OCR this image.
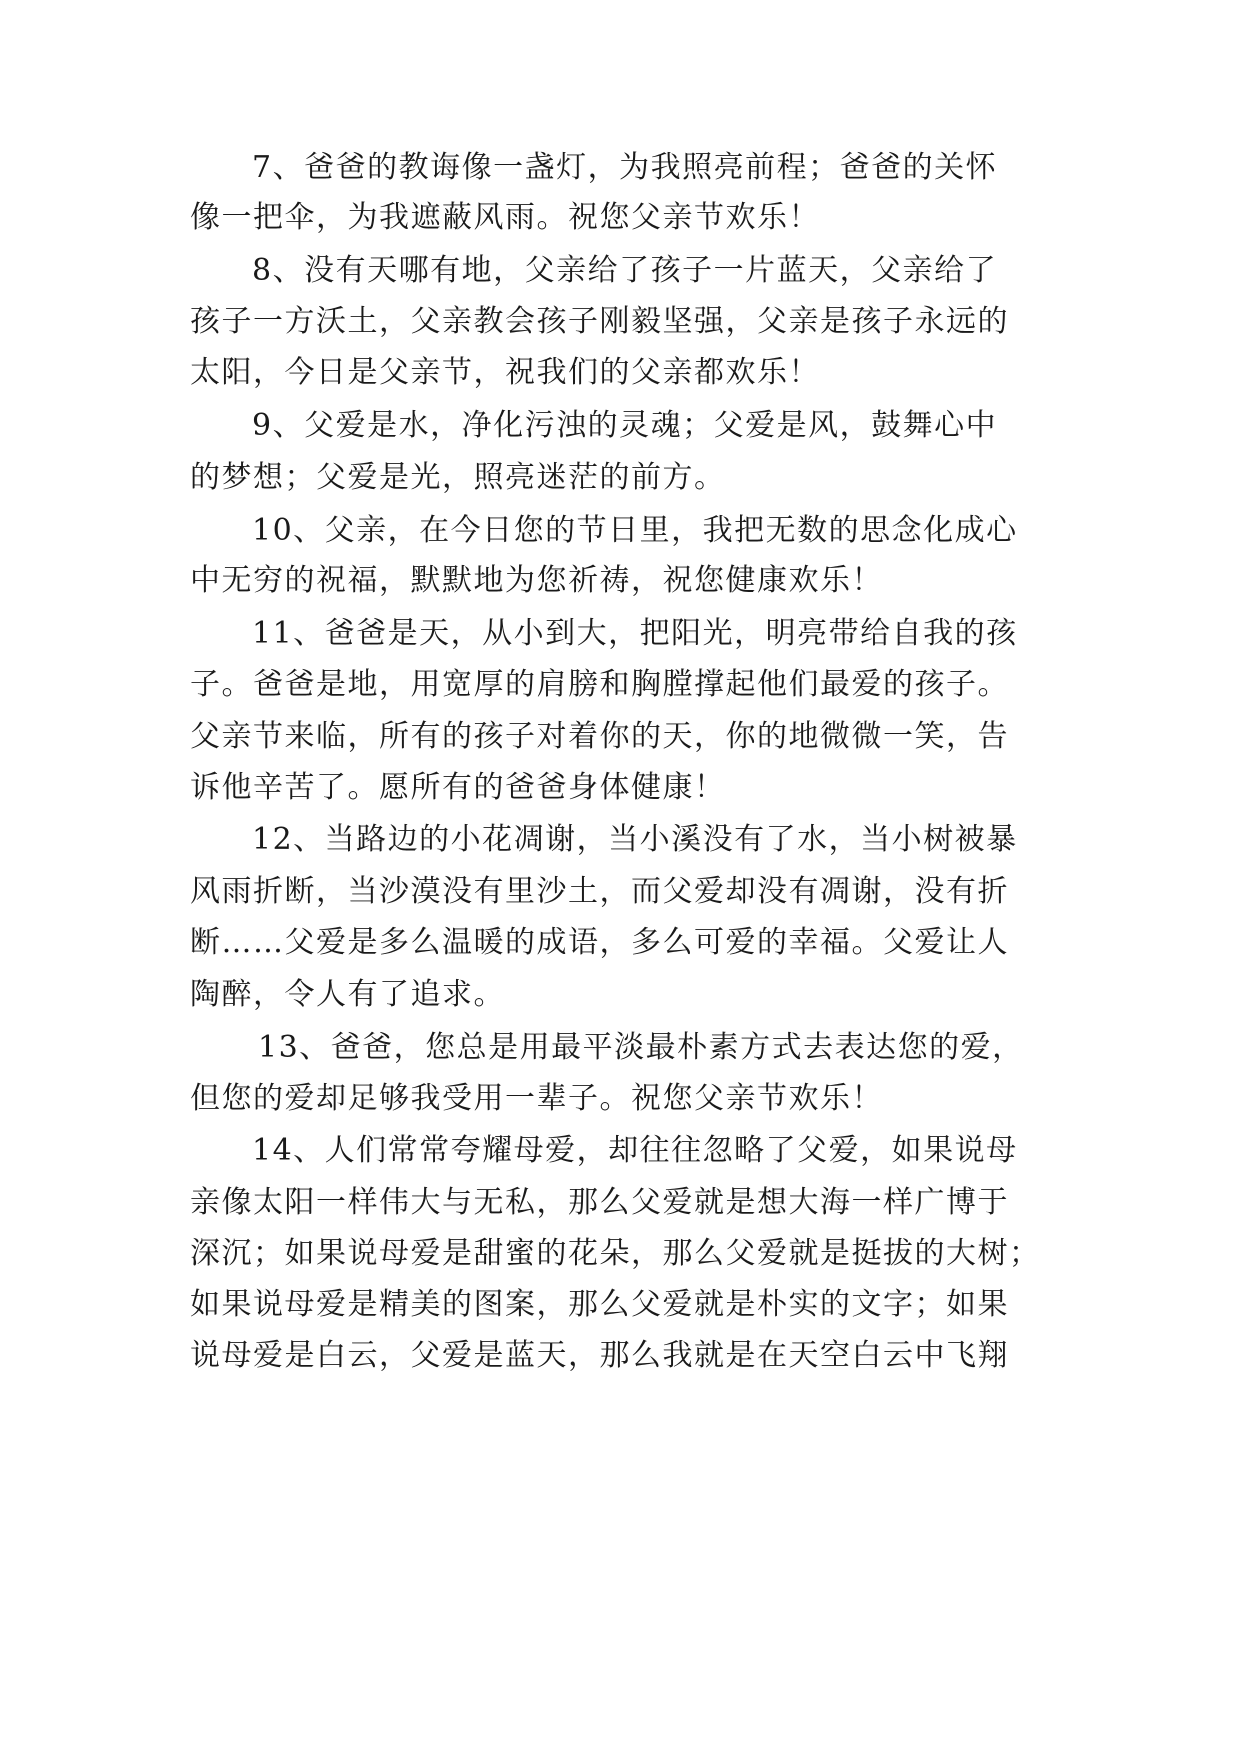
7、爸爸的教诲像一盏灯，为我照亮前程；爸爸的关怀
像一把伞，为我遮蔽风雨。祝您父亲节欢乐！
8、没有天哪有地，父亲给了孩子一片蓝天，父亲给了
孩子一方沃土，父亲教会孩子刚毅坚强，父亲是孩子永远的
太阳，今日是父亲节，祝我们的父亲都欢乐！
9、父爱是水，净化污浊的灵魂；父爱是风，鼓舞心中
的梦想；父爱是光，照亮迷茫的前方。
10、父亲，在今日您的节日里，我把无数的思念化成心
中无穷的祝福，默默地为您祈祷，祝您健康欢乐！
11、爸爸是天，从小到大，把阳光，明亮带给自我的孩
子。爸爸是地，用宽厚的肩膀和胸膛撑起他们最爱的孩子。
父亲节来临，所有的孩子对着你的天，你的地微微一笑，告
诉他辛苦了。愿所有的爸爸身体健康！
12、当路边的小花凋谢，当小溪没有了水，当小树被暴
风雨折断，当沙漠没有里沙土，而父爱却没有凋谢，没有折
断……父爱是多么温暖的成语，多么可爱的幸福。父爱让人
陶醉，令人有了追求。
13、爸爸，您总是用最平淡最朴素方式去表达您的爱，
但您的爱却足够我受用一辈子。祝您父亲节欢乐！
14、人们常常夸耀母爱，却往往忽略了父爱，如果说母
亲像太阳一样伟大与无私，那么父爱就是想大海一样广博于
深沉；如果说母爱是甜蜜的花朵，那么父爱就是挺拔的大树；
如果说母爱是精美的图案，那么父爱就是朴实的文字；如果
说母爱是白云，父爱是蓝天，那么我就是在天空白云中飞翔
